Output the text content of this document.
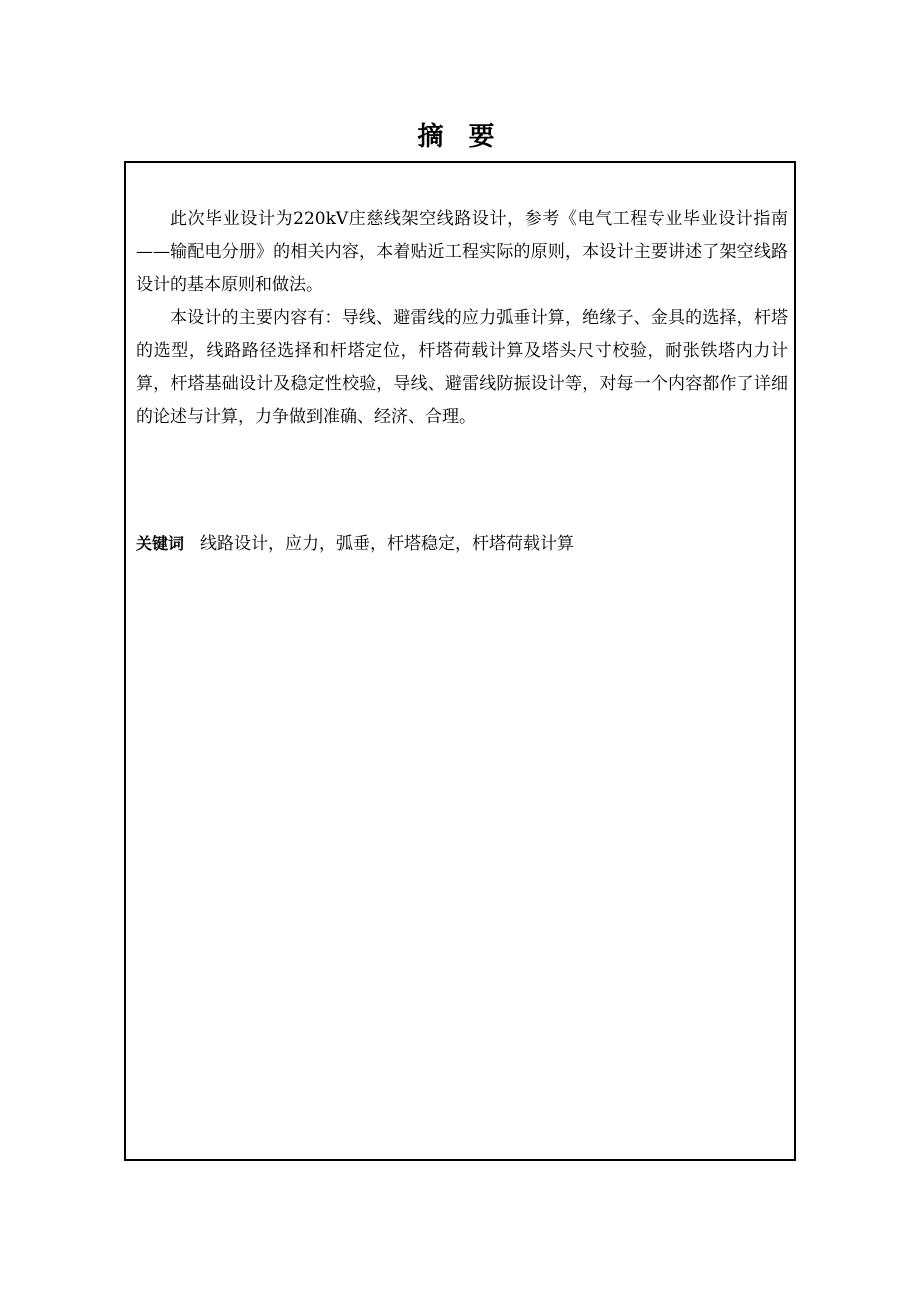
摘 要

此次毕业设计为220kV庄慈线架空线路设计，参考《电气工程专业毕业设计指南——输配电分册》的相关内容，本着贴近工程实际的原则，本设计主要讲述了架空线路设计的基本原则和做法。

本设计的主要内容有：导线、避雷线的应力弧垂计算，绝缘子、金具的选择，杆塔的选型，线路路径选择和杆塔定位，杆塔荷载计算及塔头尺寸校验，耐张铁塔内力计算，杆塔基础设计及稳定性校验，导线、避雷线防振设计等，对每一个内容都作了详细的论述与计算，力争做到准确、经济、合理。

关键词 线路设计，应力，弧垂，杆塔稳定，杆塔荷载计算
